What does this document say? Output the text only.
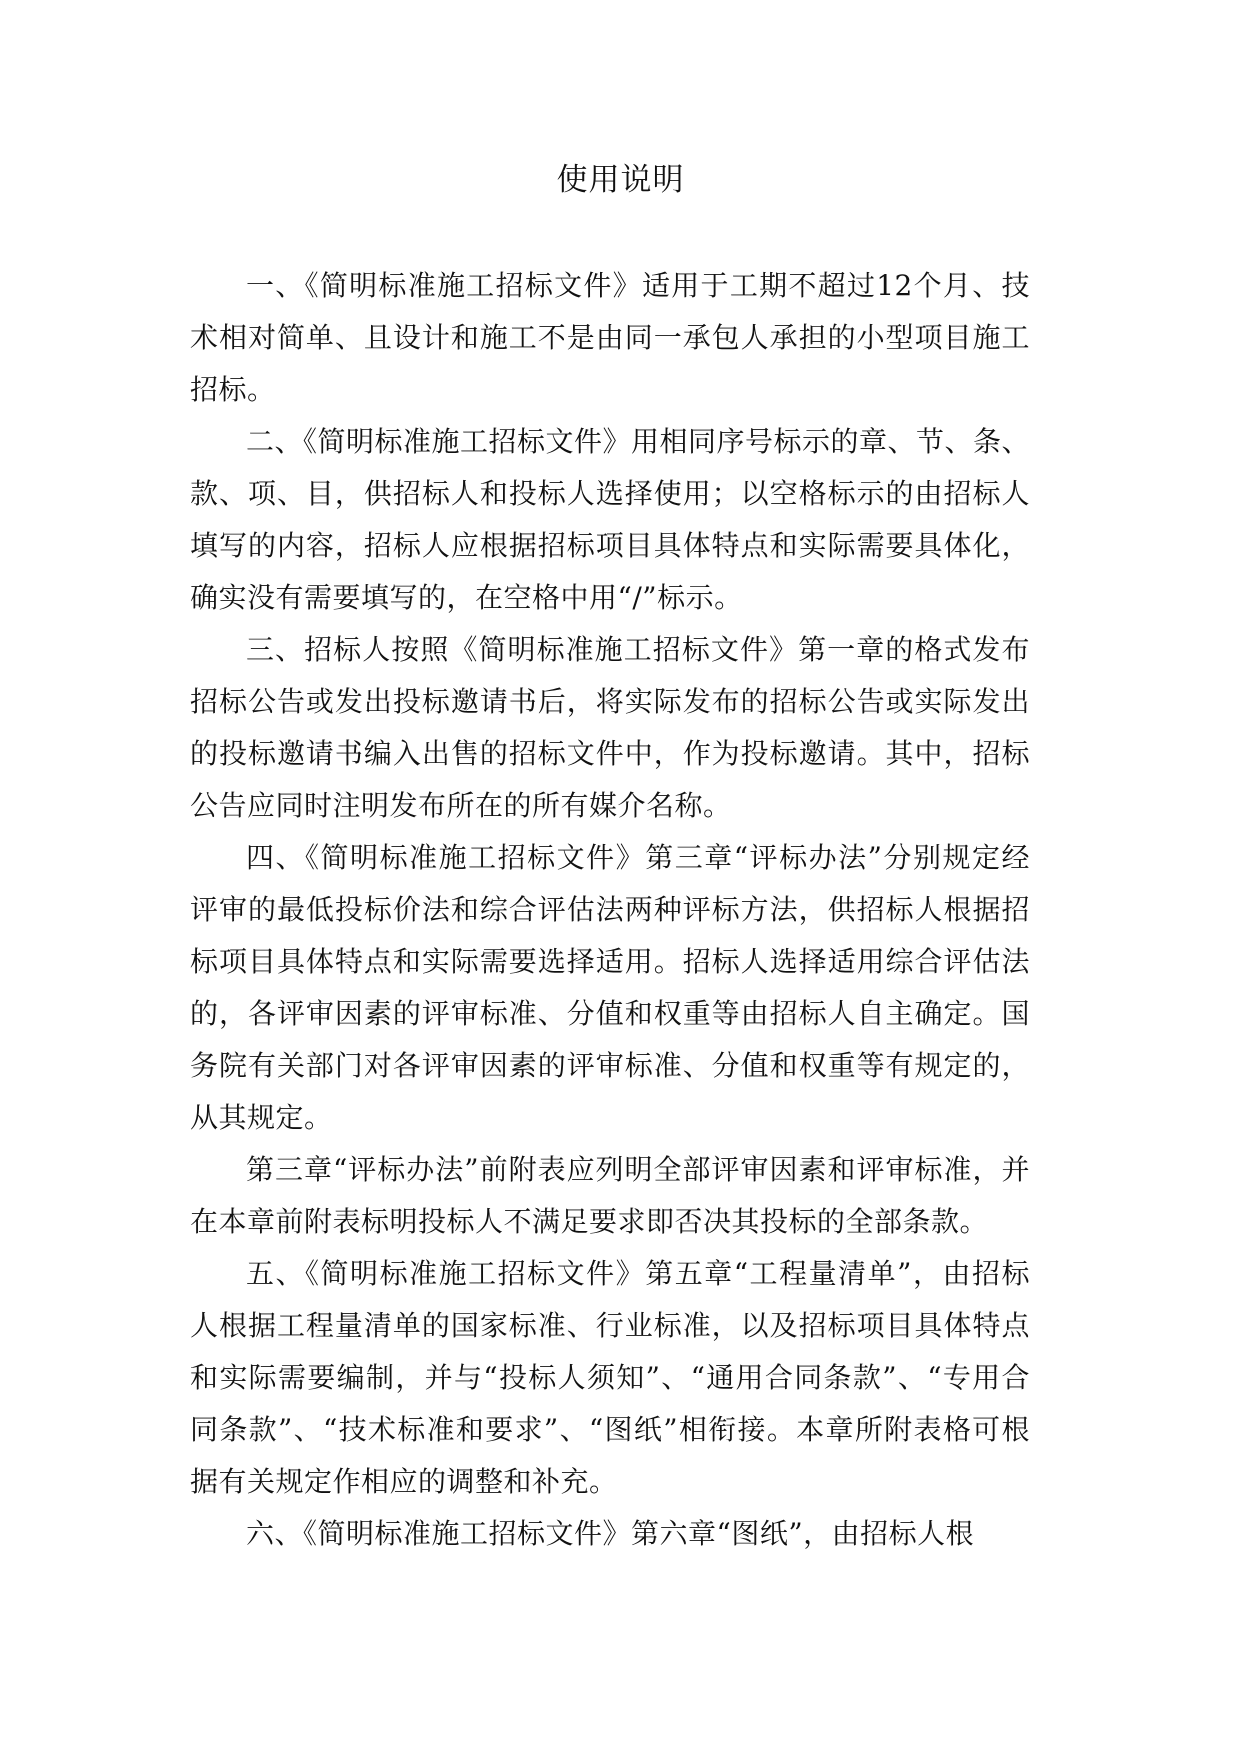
使用说明

一、《简明标准施工招标文件》适用于工期不超过12个月、技术相对简单、且设计和施工不是由同一承包人承担的小型项目施工招标。

二、《简明标准施工招标文件》用相同序号标示的章、节、条、款、项、目，供招标人和投标人选择使用；以空格标示的由招标人填写的内容，招标人应根据招标项目具体特点和实际需要具体化，确实没有需要填写的，在空格中用“/”标示。

三、招标人按照《简明标准施工招标文件》第一章的格式发布招标公告或发出投标邀请书后，将实际发布的招标公告或实际发出的投标邀请书编入出售的招标文件中，作为投标邀请。其中，招标公告应同时注明发布所在的所有媒介名称。

四、《简明标准施工招标文件》第三章“评标办法”分别规定经评审的最低投标价法和综合评估法两种评标方法，供招标人根据招标项目具体特点和实际需要选择适用。招标人选择适用综合评估法的，各评审因素的评审标准、分值和权重等由招标人自主确定。国务院有关部门对各评审因素的评审标准、分值和权重等有规定的，从其规定。

第三章“评标办法”前附表应列明全部评审因素和评审标准，并在本章前附表标明投标人不满足要求即否决其投标的全部条款。

五、《简明标准施工招标文件》第五章“工程量清单”，由招标人根据工程量清单的国家标准、行业标准，以及招标项目具体特点和实际需要编制，并与“投标人须知”、“通用合同条款”、“专用合同条款”、“技术标准和要求”、“图纸”相衔接。本章所附表格可根据有关规定作相应的调整和补充。

六、《简明标准施工招标文件》第六章“图纸”，由招标人根
